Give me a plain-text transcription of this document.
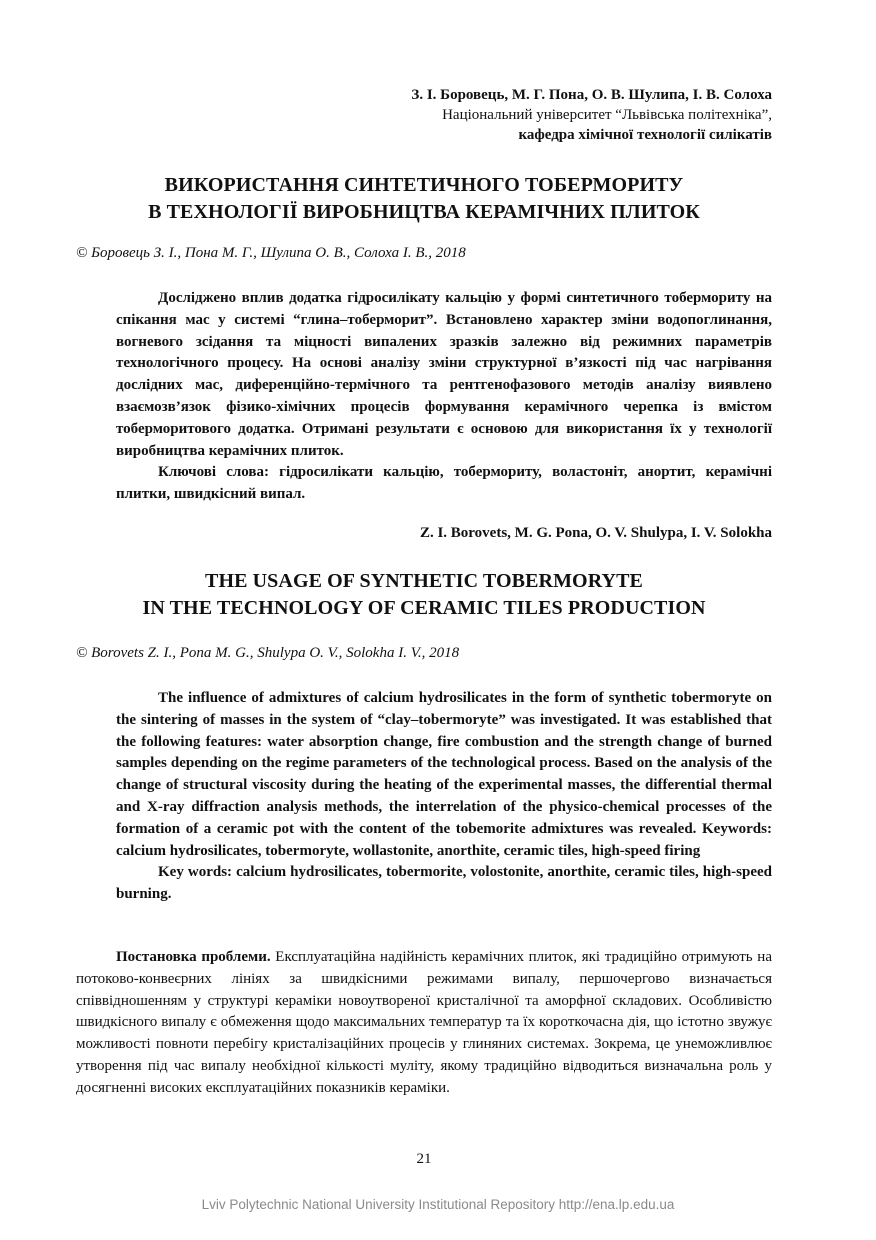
З. І. Боровець, М. Г. Пона, О. В. Шулипа, І. В. Солоха
Національний університет “Львівська політехніка”,
кафедра хімічної технології силікатів
ВИКОРИСТАННЯ СИНТЕТИЧНОГО ТОБЕРМОРИТУ
В ТЕХНОЛОГІЇ ВИРОБНИЦТВА КЕРАМІЧНИХ ПЛИТОК
© Боровець З. І., Пона М. Г., Шулипа О. В., Солоха І. В., 2018

Досліджено вплив додатка гідросилікату кальцію у формі синтетичного тобермориту на спікання мас у системі “глина–тоберморит”. Встановлено характер зміни водопоглинання, вогневого зсідання та міцності випалених зразків залежно від режимних параметрів технологічного процесу. На основі аналізу зміни структурної в’язкості під час нагрівання дослідних мас, диференційно-термічного та рентгенофазового методів аналізу виявлено взаємозв’язок фізико-хімічних процесів формування керамічного черепка із вмістом тоберморитового додатка. Отримані результати є основою для використання їх у технології виробництва керамічних плиток.

Ключові слова: гідросилікати кальцію, тобермориту, воластоніт, анортит, керамічні плитки, швидкісний випал.

Z. I. Borovets, M. G. Pona, O. V. Shulypa, I. V. Solokha
THE USAGE OF SYNTHETIC TOBERMORYTE
IN THE TECHNOLOGY OF CERAMIC TILES PRODUCTION
© Borovets Z. I., Pona M. G., Shulypa O. V., Solokha I. V., 2018

The influence of admixtures of calcium hydrosilicates in the form of synthetic tobermoryte on the sintering of masses in the system of “clay–tobermoryte” was investigated. It was established that the following features: water absorption change, fire combustion and the strength change of burned samples depending on the regime parameters of the technological process. Based on the analysis of the change of structural viscosity during the heating of the experimental masses, the differential thermal and X-ray diffraction analysis methods, the interrelation of the physico-chemical processes of the formation of a ceramic pot with the content of the tobemorite admixtures was revealed. Keywords: calcium hydrosilicates, tobermoryte, wollastonite, anorthite, ceramic tiles, high-speed firing

Key words: calcium hydrosilicates, tobermorite, volostonite, anorthite, ceramic tiles, high-speed burning.

Постановка проблеми. Експлуатаційна надійність керамічних плиток, які традиційно отримують на потоково-конвеєрних лініях за швидкісними режимами випалу, першочергово визначається співвідношенням у структурі кераміки новоутвореної кристалічної та аморфної складових. Особливістю швидкісного випалу є обмеження щодо максимальних температур та їх короткочасна дія, що істотно звужує можливості повноти перебігу кристалізаційних процесів у глиняних системах. Зокрема, це унеможливлює утворення під час випалу необхідної кількості муліту, якому традиційно відводиться визначальна роль у досягненні високих експлуатаційних показників кераміки.

21
Lviv Polytechnic National University Institutional Repository http://ena.lp.edu.ua
